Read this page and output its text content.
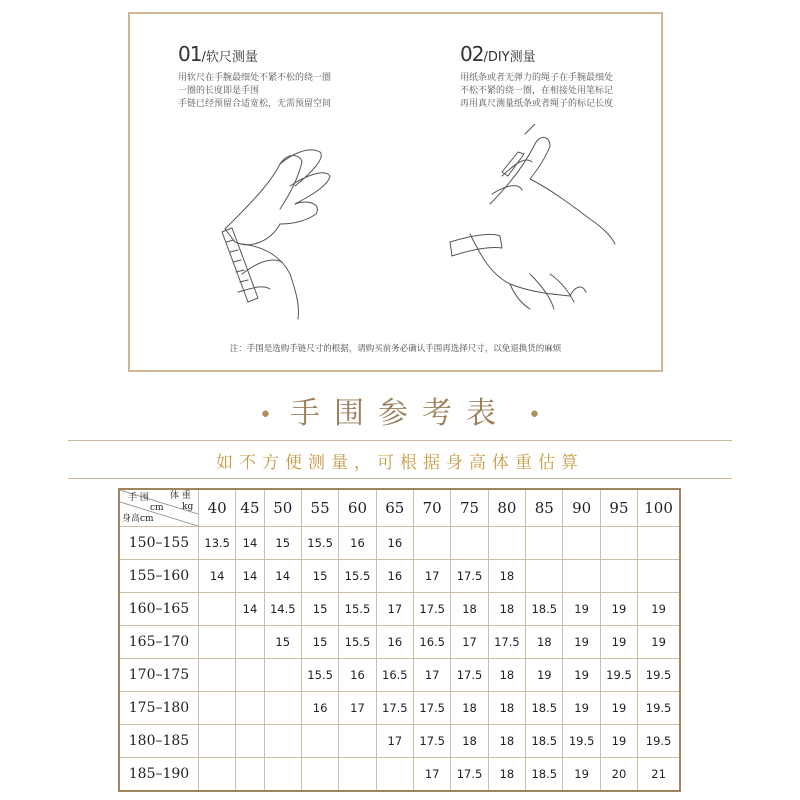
01/软尺测量
用软尺在手腕最细处不紧不松的绕一圈
一圈的长度即是手围
手链已经预留合适宽松，无需预留空间
02/DIY测量
用纸条或者无弹力的绳子在手腕最细处
不松不紧的绕一圈，在相接处用笔标记
再用真尺测量纸条或者绳子的标记长度
注：手围是选购手链尺寸的根据，请购买前务必确认手围再选择尺寸，以免退换货的麻烦
• 手围参考表 •
如不方便测量，可根据身高体重估算
手 围 体 重
cm kg
身高cm	40	45	50	55	60	65	70	75	80	85	90	95	100
150–155	13.5	14	15	15.5	16	16							
155–160	14	14	14	15	15.5	16	17	17.5	18				
160–165		14	14.5	15	15.5	17	17.5	18	18	18.5	19	19	19
165–170			15	15	15.5	16	16.5	17	17.5	18	19	19	19
170–175				15.5	16	16.5	17	17.5	18	19	19	19.5	19.5
175–180				16	17	17.5	17.5	18	18	18.5	19	19	19.5
180–185						17	17.5	18	18	18.5	19.5	19	19.5
185–190							17	17.5	18	18.5	19	20	21
